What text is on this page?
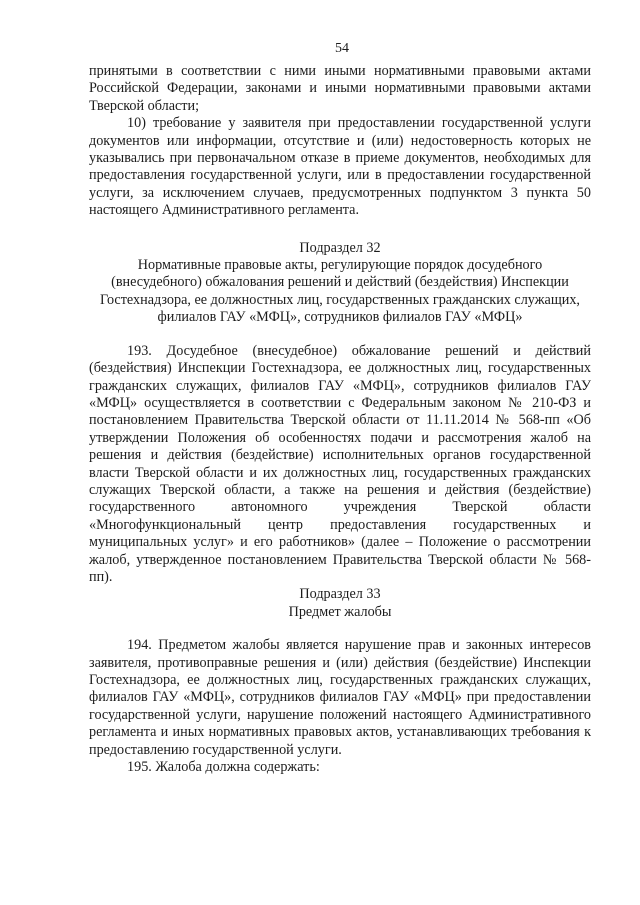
54

принятыми в соответствии с ними иными нормативными правовыми актами Российской Федерации, законами и иными нормативными правовыми актами Тверской области;

10) требование у заявителя при предоставлении государственной услуги документов или информации, отсутствие и (или) недостоверность которых не указывались при первоначальном отказе в приеме документов, необходимых для предоставления государственной услуги, или в предоставлении государственной услуги, за исключением случаев, предусмотренных подпунктом 3 пункта 50 настоящего Административного регламента.

Подраздел 32
Нормативные правовые акты, регулирующие порядок досудебного (внесудебного) обжалования решений и действий (бездействия) Инспекции Гостехнадзора, ее должностных лиц, государственных гражданских служащих, филиалов ГАУ «МФЦ», сотрудников филиалов ГАУ «МФЦ»

193. Досудебное (внесудебное) обжалование решений и действий (бездействия) Инспекции Гостехнадзора, ее должностных лиц, государственных гражданских служащих, филиалов ГАУ «МФЦ», сотрудников филиалов ГАУ «МФЦ» осуществляется в соответствии с Федеральным законом № 210-ФЗ и постановлением Правительства Тверской области от 11.11.2014 № 568-пп «Об утверждении Положения об особенностях подачи и рассмотрения жалоб на решения и действия (бездействие) исполнительных органов государственной власти Тверской области и их должностных лиц, государственных гражданских служащих Тверской области, а также на решения и действия (бездействие) государственного автономного учреждения Тверской области «Многофункциональный центр предоставления государственных и муниципальных услуг» и его работников» (далее – Положение о рассмотрении жалоб, утвержденное постановлением Правительства Тверской области № 568-пп).

Подраздел 33
Предмет жалобы

194. Предметом жалобы является нарушение прав и законных интересов заявителя, противоправные решения и (или) действия (бездействие) Инспекции Гостехнадзора, ее должностных лиц, государственных гражданских служащих, филиалов ГАУ «МФЦ», сотрудников филиалов ГАУ «МФЦ» при предоставлении государственной услуги, нарушение положений настоящего Административного регламента и иных нормативных правовых актов, устанавливающих требования к предоставлению государственной услуги.

195. Жалоба должна содержать:
